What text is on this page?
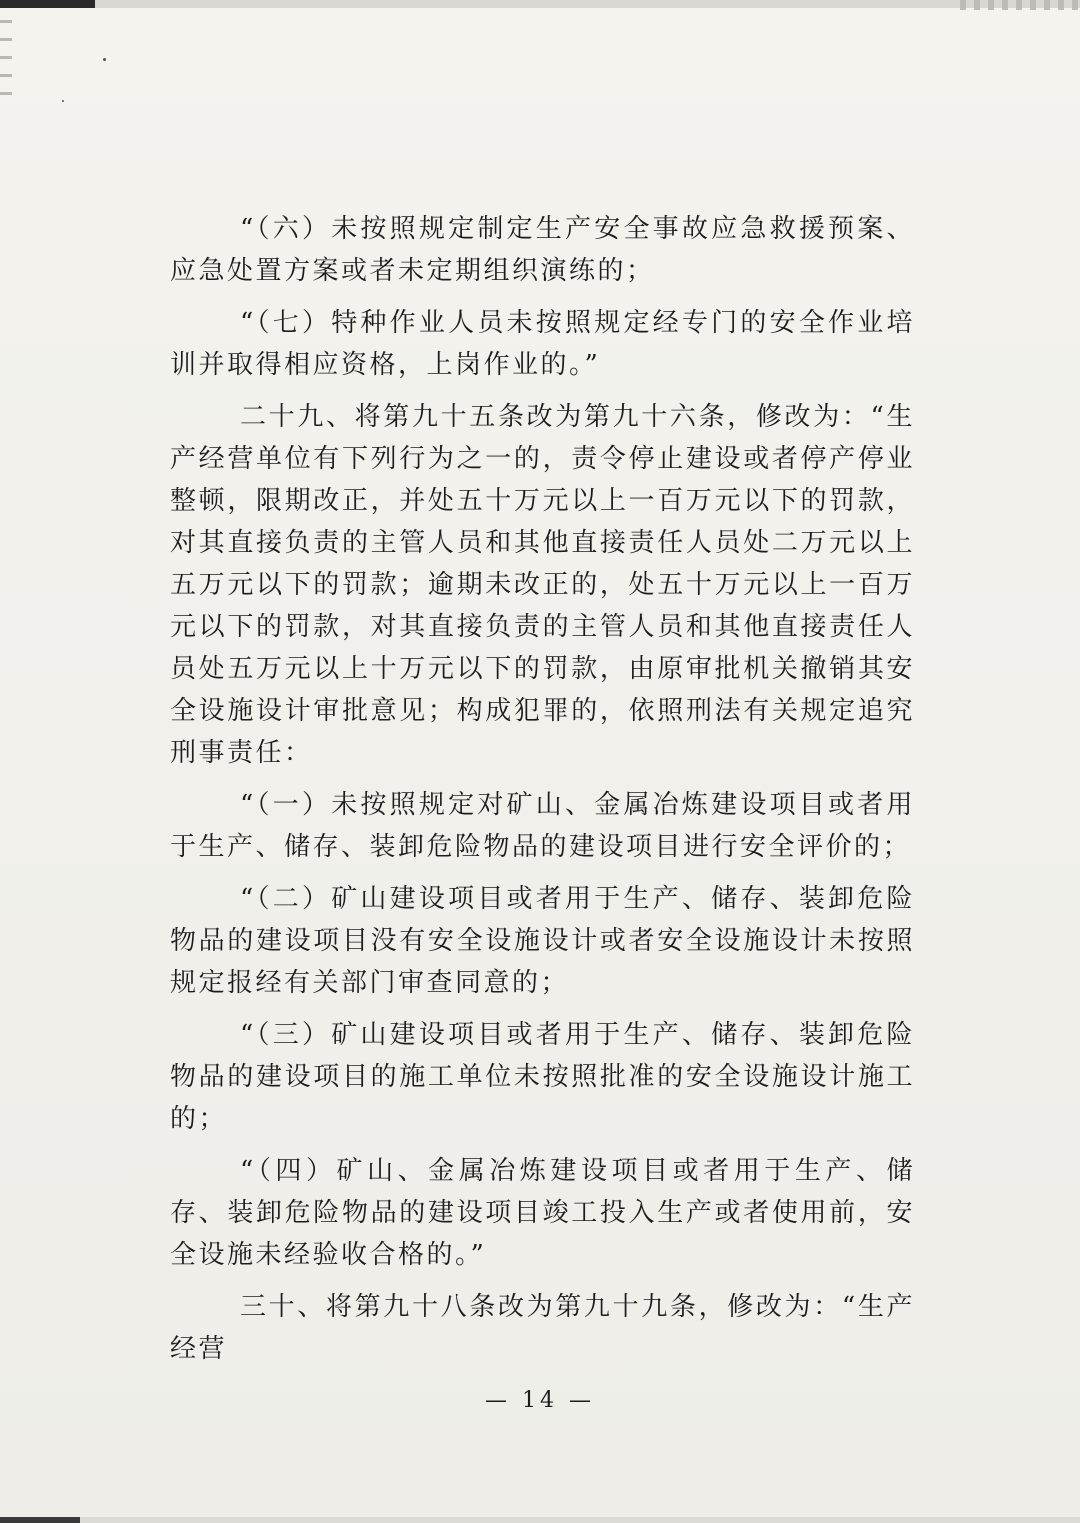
“（六）未按照规定制定生产安全事故应急救援预案、应急处置方案或者未定期组织演练的；

“（七）特种作业人员未按照规定经专门的安全作业培训并取得相应资格，上岗作业的。”

二十九、将第九十五条改为第九十六条，修改为：“生产经营单位有下列行为之一的，责令停止建设或者停产停业整顿，限期改正，并处五十万元以上一百万元以下的罚款，对其直接负责的主管人员和其他直接责任人员处二万元以上五万元以下的罚款；逾期未改正的，处五十万元以上一百万元以下的罚款，对其直接负责的主管人员和其他直接责任人员处五万元以上十万元以下的罚款，由原审批机关撤销其安全设施设计审批意见；构成犯罪的，依照刑法有关规定追究刑事责任：

“（一）未按照规定对矿山、金属冶炼建设项目或者用于生产、储存、装卸危险物品的建设项目进行安全评价的；

“（二）矿山建设项目或者用于生产、储存、装卸危险物品的建设项目没有安全设施设计或者安全设施设计未按照规定报经有关部门审查同意的；

“（三）矿山建设项目或者用于生产、储存、装卸危险物品的建设项目的施工单位未按照批准的安全设施设计施工的；

“（四）矿山、金属冶炼建设项目或者用于生产、储存、装卸危险物品的建设项目竣工投入生产或者使用前，安全设施未经验收合格的。”

三十、将第九十八条改为第九十九条，修改为：“生产经营

— 14 —
